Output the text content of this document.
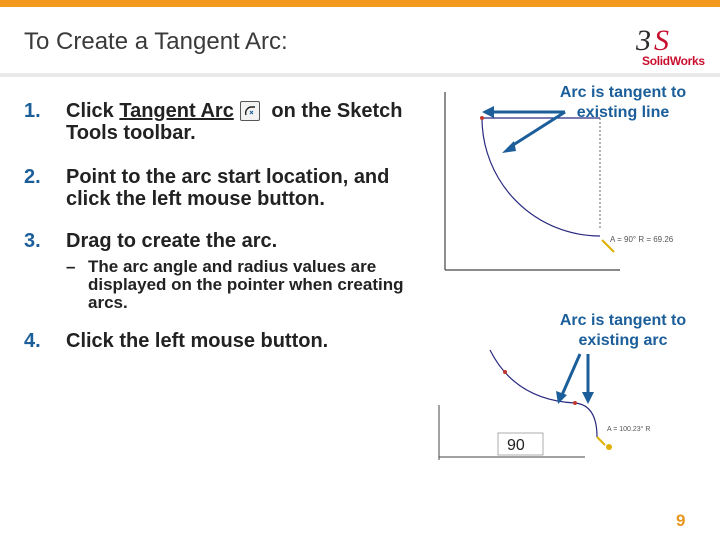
To Create a Tangent Arc:	3 S
SolidWorks
1. Click Tangent Arc on the Sketch Tools toolbar.
2. Point to the arc start location, and click the left mouse button.
3. Drag to create the arc.
– The arc angle and radius values are displayed on the pointer when creating arcs.
4. Click the left mouse button.
A = 90° R = 69.26
Arc is tangent to existing line
90
A = 100.23° R
Arc is tangent to existing arc
9
